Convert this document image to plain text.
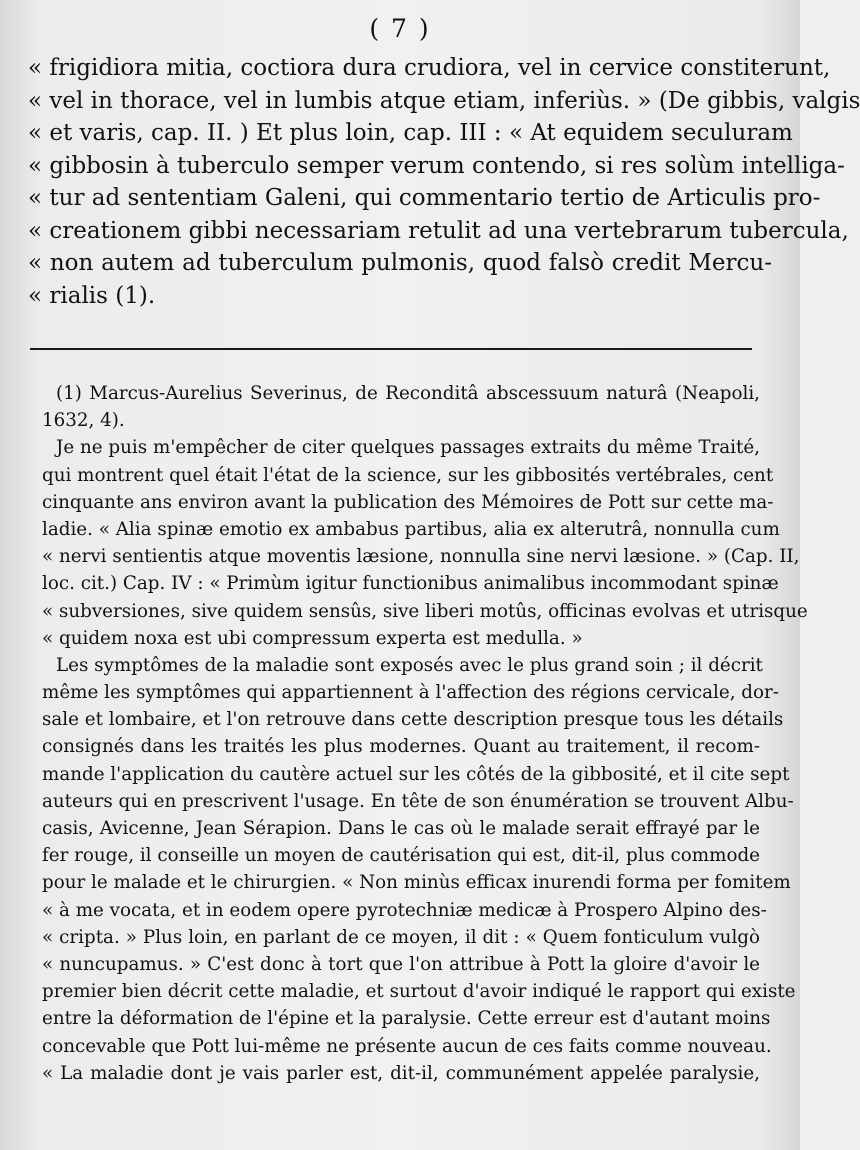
( 7 )
« frigidiora mitia, coctiora dura crudiora, vel in cervice constiterunt,
« vel in thorace, vel in lumbis atque etiam, inferiùs. » (De gibbis, valgis
« et varis, cap. II. ) Et plus loin, cap. III : « At equidem seculuram
« gibbosin à tuberculo semper verum contendo, si res solùm intelliga-
« tur ad sententiam Galeni, qui commentario tertio de Articulis pro-
« creationem gibbi necessariam retulit ad una vertebrarum tubercula,
« non autem ad tuberculum pulmonis, quod falsò credit Mercu-
« rialis (1).
(1) Marcus-Aurelius Severinus, de Reconditâ abscessuum naturâ (Neapoli,
1632, 4).
Je ne puis m'empêcher de citer quelques passages extraits du même Traité,
qui montrent quel était l'état de la science, sur les gibbosités vertébrales, cent
cinquante ans environ avant la publication des Mémoires de Pott sur cette ma-
ladie. « Alia spinæ emotio ex ambabus partibus, alia ex alterutrâ, nonnulla cum
« nervi sentientis atque moventis læsione, nonnulla sine nervi læsione. » (Cap. II,
loc. cit.) Cap. IV : « Primùm igitur functionibus animalibus incommodant spinæ
« subversiones, sive quidem sensûs, sive liberi motûs, officinas evolvas et utrisque
« quidem noxa est ubi compressum experta est medulla. »
Les symptômes de la maladie sont exposés avec le plus grand soin ; il décrit
même les symptômes qui appartiennent à l'affection des régions cervicale, dor-
sale et lombaire, et l'on retrouve dans cette description presque tous les détails
consignés dans les traités les plus modernes. Quant au traitement, il recom-
mande l'application du cautère actuel sur les côtés de la gibbosité, et il cite sept
auteurs qui en prescrivent l'usage. En tête de son énumération se trouvent Albu-
casis, Avicenne, Jean Sérapion. Dans le cas où le malade serait effrayé par le
fer rouge, il conseille un moyen de cautérisation qui est, dit-il, plus commode
pour le malade et le chirurgien. « Non minùs efficax inurendi forma per fomitem
« à me vocata, et in eodem opere pyrotechniæ medicæ à Prospero Alpino des-
« cripta. » Plus loin, en parlant de ce moyen, il dit : « Quem fonticulum vulgò
« nuncupamus. » C'est donc à tort que l'on attribue à Pott la gloire d'avoir le
premier bien décrit cette maladie, et surtout d'avoir indiqué le rapport qui existe
entre la déformation de l'épine et la paralysie. Cette erreur est d'autant moins
concevable que Pott lui-même ne présente aucun de ces faits comme nouveau.
« La maladie dont je vais parler est, dit-il, communément appelée paralysie,
